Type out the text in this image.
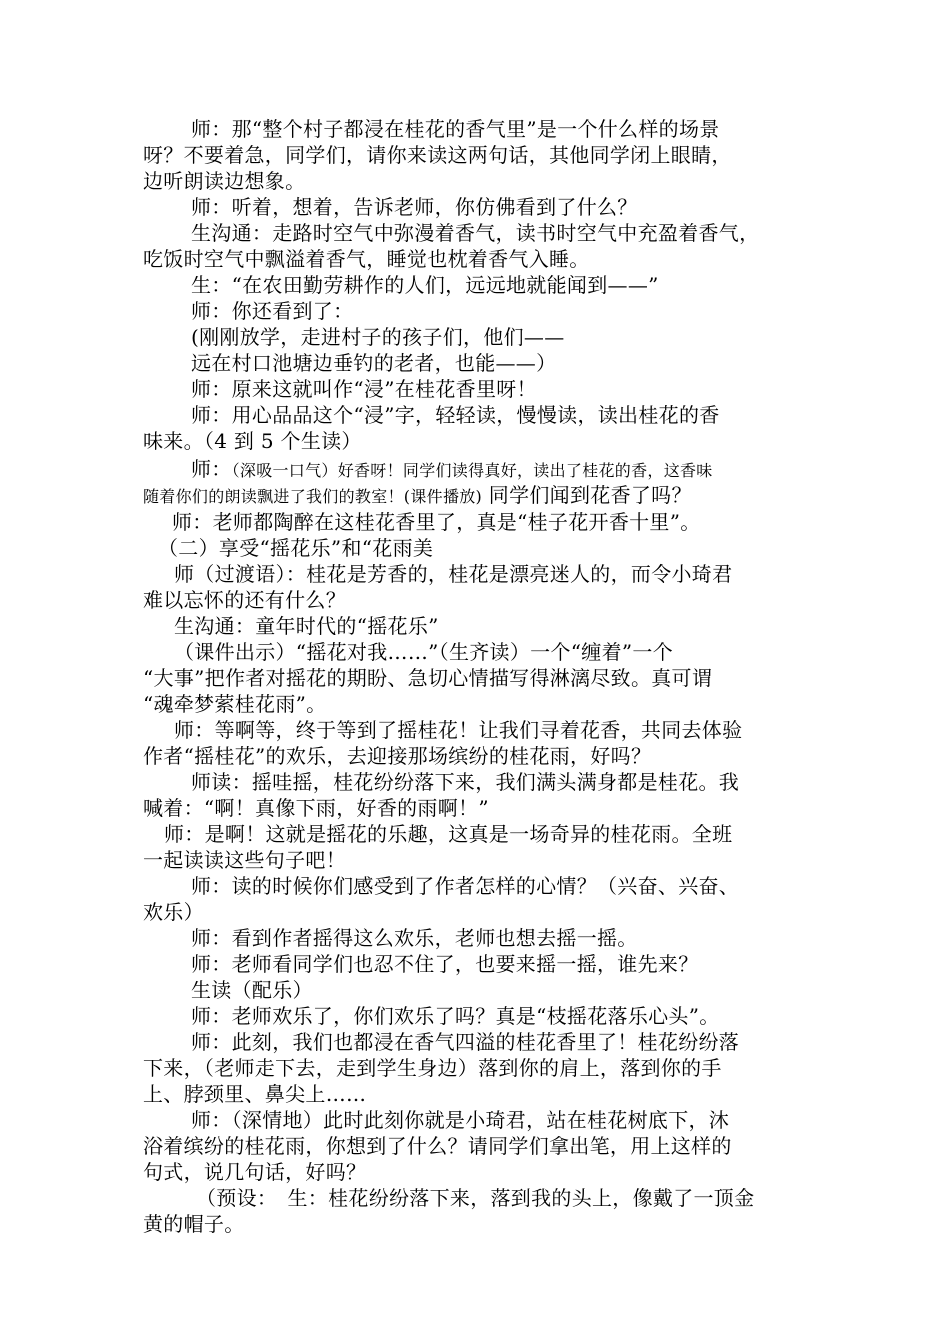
师：那“整个村子都浸在桂花的香气里”是一个什么样的场景
呀？不要着急，同学们，请你来读这两句话，其他同学闭上眼睛，
边听朗读边想象。
师：听着，想着，告诉老师，你仿佛看到了什么？
生沟通：走路时空气中弥漫着香气，读书时空气中充盈着香气，
吃饭时空气中飘溢着香气，睡觉也枕着香气入睡。
生：“在农田勤劳耕作的人们，远远地就能闻到——”
师：你还看到了：
(刚刚放学，走进村子的孩子们，他们——
远在村口池塘边垂钓的老者，也能——）
师：原来这就叫作“浸”在桂花香里呀！
师：用心品品这个“浸”字，轻轻读，慢慢读，读出桂花的香
味来。（4 到 5 个生读）
师：（深吸一口气）好香呀！同学们读得真好，读出了桂花的香，这香味
随着你们的朗读飘进了我们的教室！(课件播放) 同学们闻到花香了吗？
师：老师都陶醉在这桂花香里了，真是“桂子花开香十里”。
（二）享受“摇花乐”和“花雨美
师（过渡语）：桂花是芳香的，桂花是漂亮迷人的，而令小琦君
难以忘怀的还有什么？
生沟通：童年时代的“摇花乐”
（课件出示）“摇花对我……”（生齐读）一个“缠着”一个
“大事”把作者对摇花的期盼、急切心情描写得淋漓尽致。真可谓
“魂牵梦萦桂花雨”。
师：等啊等，终于等到了摇桂花！让我们寻着花香，共同去体验
作者“摇桂花”的欢乐，去迎接那场缤纷的桂花雨，好吗？
师读：摇哇摇，桂花纷纷落下来，我们满头满身都是桂花。我
喊着：“啊！真像下雨，好香的雨啊！”
师：是啊！这就是摇花的乐趣，这真是一场奇异的桂花雨。全班
一起读读这些句子吧！
师：读的时候你们感受到了作者怎样的心情？（兴奋、兴奋、
欢乐）
师：看到作者摇得这么欢乐，老师也想去摇一摇。
师：老师看同学们也忍不住了，也要来摇一摇，谁先来？
生读（配乐）
师：老师欢乐了，你们欢乐了吗？真是“枝摇花落乐心头”。
师：此刻，我们也都浸在香气四溢的桂花香里了！桂花纷纷落
下来，（老师走下去，走到学生身边）落到你的肩上，落到你的手
上、脖颈里、鼻尖上……
师：（深情地）此时此刻你就是小琦君，站在桂花树底下，沐
浴着缤纷的桂花雨，你想到了什么？请同学们拿出笔，用上这样的
句式，说几句话，好吗？
（预设：　生：桂花纷纷落下来，落到我的头上，像戴了一顶金
黄的帽子。
